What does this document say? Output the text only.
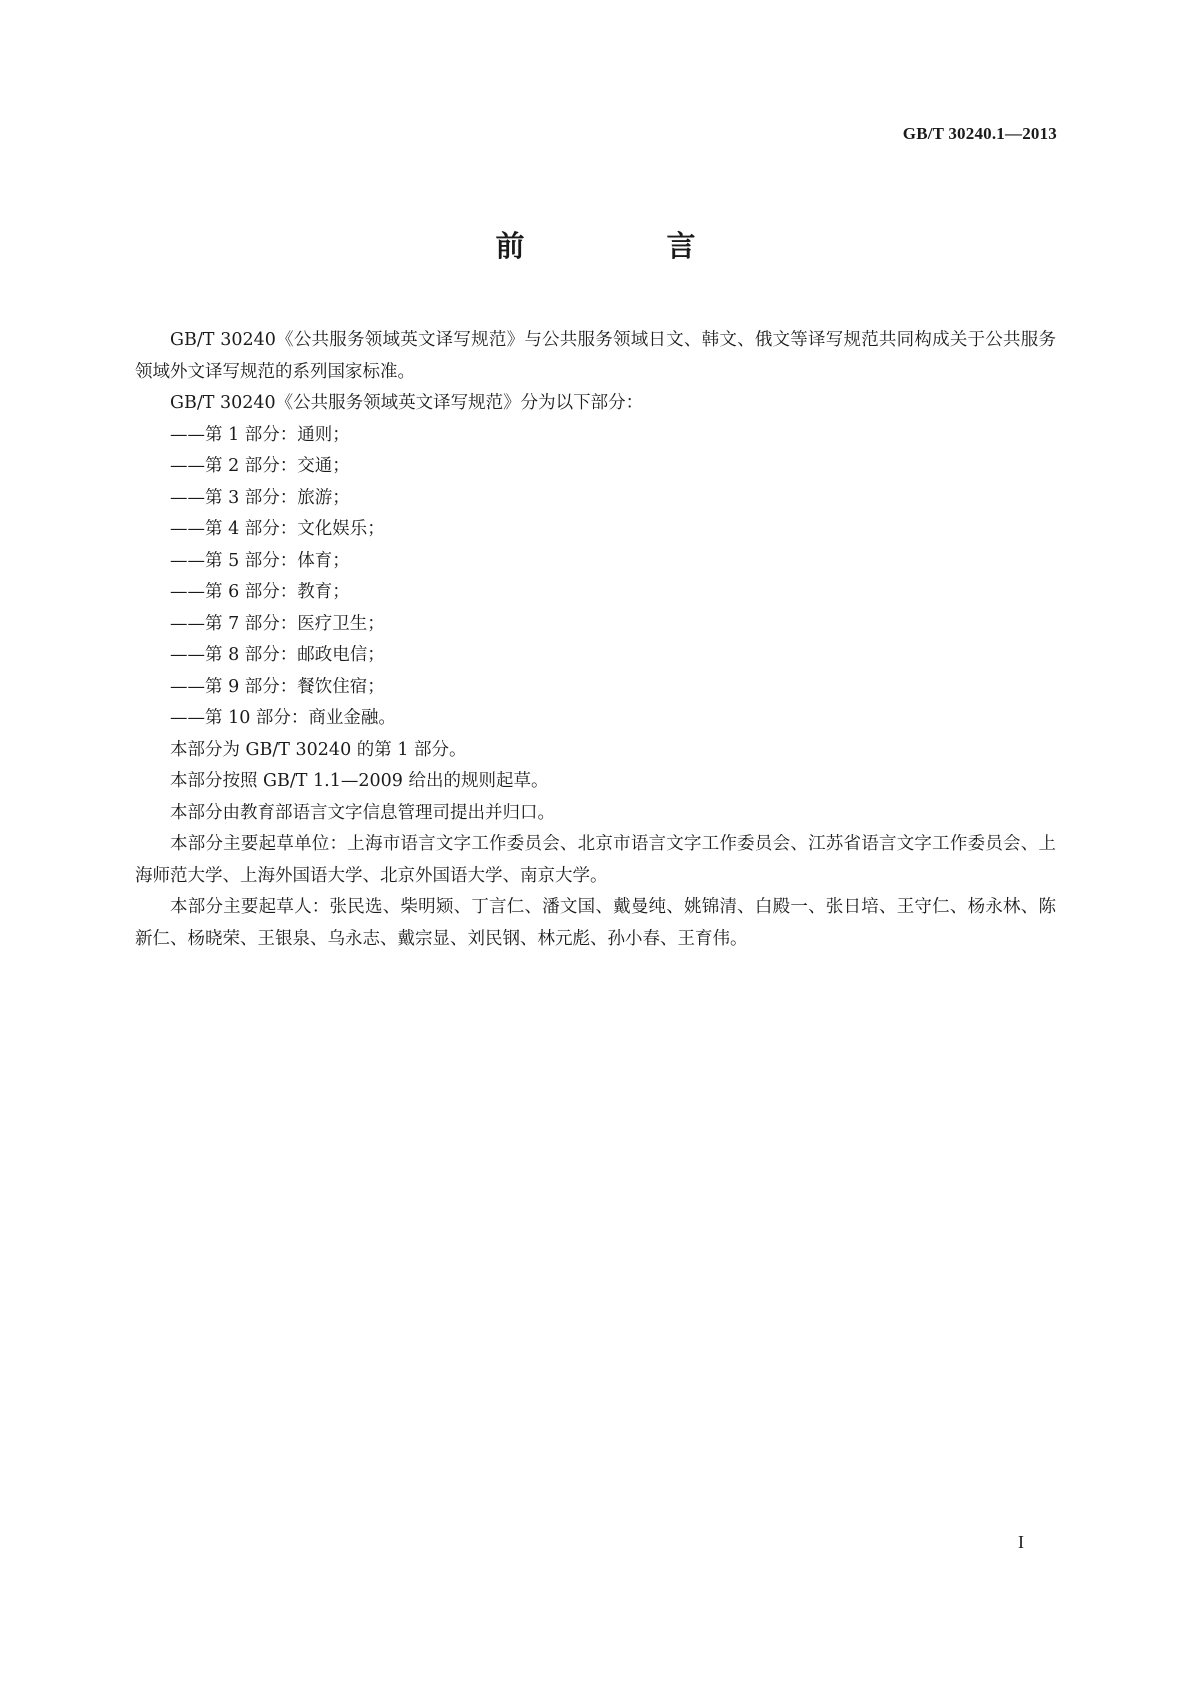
GB/T 30240.1—2013
前 言

GB/T 30240《公共服务领域英文译写规范》与公共服务领域日文、韩文、俄文等译写规范共同构成关于公共服务领域外文译写规范的系列国家标准。

GB/T 30240《公共服务领域英文译写规范》分为以下部分：

——第 1 部分：通则；

——第 2 部分：交通；

——第 3 部分：旅游；

——第 4 部分：文化娱乐；

——第 5 部分：体育；

——第 6 部分：教育；

——第 7 部分：医疗卫生；

——第 8 部分：邮政电信；

——第 9 部分：餐饮住宿；

——第 10 部分：商业金融。

本部分为 GB/T 30240 的第 1 部分。

本部分按照 GB/T 1.1—2009 给出的规则起草。

本部分由教育部语言文字信息管理司提出并归口。

本部分主要起草单位：上海市语言文字工作委员会、北京市语言文字工作委员会、江苏省语言文字工作委员会、上海师范大学、上海外国语大学、北京外国语大学、南京大学。

本部分主要起草人：张民选、柴明颎、丁言仁、潘文国、戴曼纯、姚锦清、白殿一、张日培、王守仁、杨永林、陈新仁、杨晓荣、王银泉、乌永志、戴宗显、刘民钢、林元彪、孙小春、王育伟。

I
